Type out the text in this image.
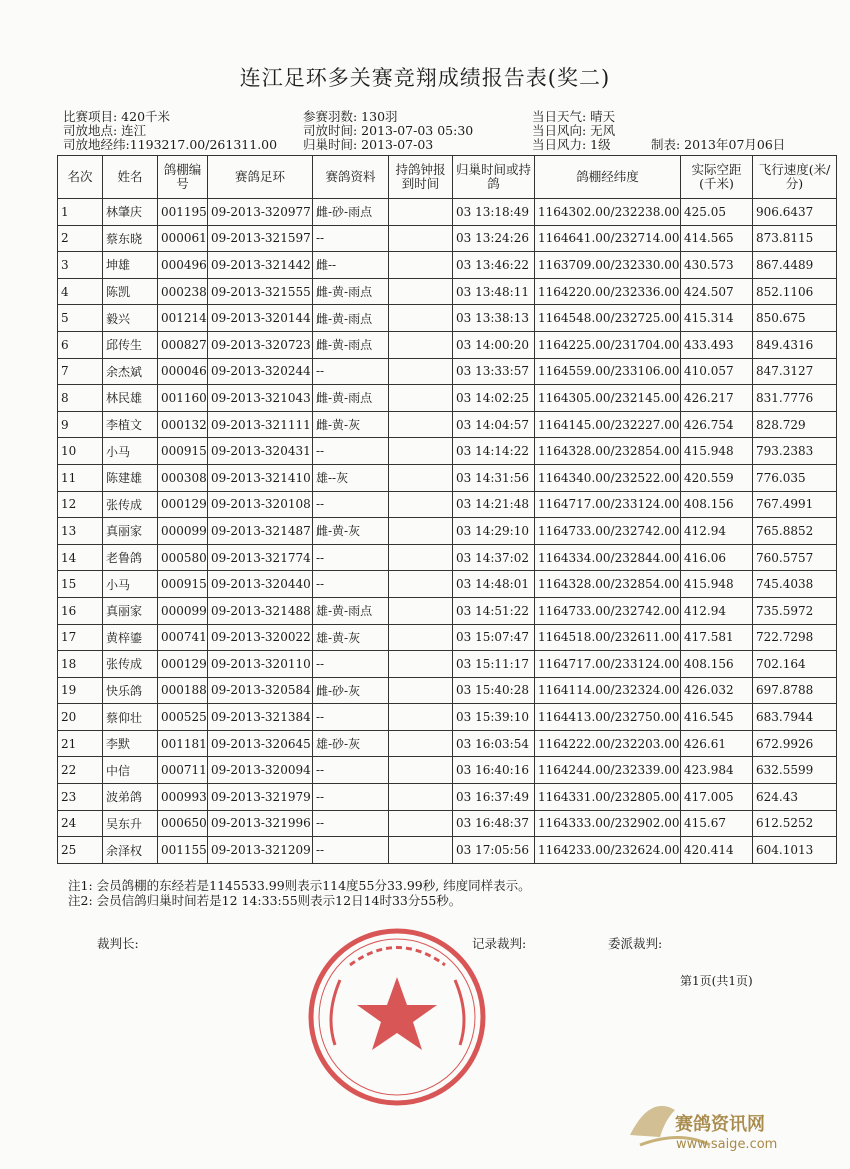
连江足环多关赛竞翔成绩报告表(奖二)
比赛项目: 420千米
司放地点: 连江
司放地经纬:1193217.00/261311.00
参赛羽数: 130羽
司放时间: 2013-07-03 05:30
归巢时间: 2013-07-03
当日天气: 晴天
当日风向: 无风
当日风力: 1级	制表: 2013年07月06日
名次	姓名	鸽棚编号	赛鸽足环	赛鸽资料	持鸽钟报到时间	归巢时间或持鸽	鸽棚经纬度	实际空距(千米)	飞行速度(米/分)
1	林肇庆	001195	09-2013-320977	雌-砂-雨点		03 13:18:49	1164302.00/232238.00	425.05	906.6437
2	蔡东晓	000061	09-2013-321597	--		03 13:24:26	1164641.00/232714.00	414.565	873.8115
3	坤雄	000496	09-2013-321442	雌--		03 13:46:22	1163709.00/232330.00	430.573	867.4489
4	陈凯	000238	09-2013-321555	雌-黄-雨点		03 13:48:11	1164220.00/232336.00	424.507	852.1106
5	毅兴	001214	09-2013-320144	雌-黄-雨点		03 13:38:13	1164548.00/232725.00	415.314	850.675
6	邱传生	000827	09-2013-320723	雌-黄-雨点		03 14:00:20	1164225.00/231704.00	433.493	849.4316
7	余杰斌	000046	09-2013-320244	--		03 13:33:57	1164559.00/233106.00	410.057	847.3127
8	林民雄	001160	09-2013-321043	雌-黄-雨点		03 14:02:25	1164305.00/232145.00	426.217	831.7776
9	李植文	000132	09-2013-321111	雌-黄-灰		03 14:04:57	1164145.00/232227.00	426.754	828.729
10	小马	000915	09-2013-320431	--		03 14:14:22	1164328.00/232854.00	415.948	793.2383
11	陈建雄	000308	09-2013-321410	雄--灰		03 14:31:56	1164340.00/232522.00	420.559	776.035
12	张传成	000129	09-2013-320108	--		03 14:21:48	1164717.00/233124.00	408.156	767.4991
13	真丽家	000099	09-2013-321487	雌-黄-灰		03 14:29:10	1164733.00/232742.00	412.94	765.8852
14	老鲁鸽	000580	09-2013-321774	--		03 14:37:02	1164334.00/232844.00	416.06	760.5757
15	小马	000915	09-2013-320440	--		03 14:48:01	1164328.00/232854.00	415.948	745.4038
16	真丽家	000099	09-2013-321488	雄-黄-雨点		03 14:51:22	1164733.00/232742.00	412.94	735.5972
17	黄梓鎏	000741	09-2013-320022	雄-黄-灰		03 15:07:47	1164518.00/232611.00	417.581	722.7298
18	张传成	000129	09-2013-320110	--		03 15:11:17	1164717.00/233124.00	408.156	702.164
19	快乐鸽	000188	09-2013-320584	雌-砂-灰		03 15:40:28	1164114.00/232324.00	426.032	697.8788
20	蔡仰壮	000525	09-2013-321384	--		03 15:39:10	1164413.00/232750.00	416.545	683.7944
21	李默	001181	09-2013-320645	雄-砂-灰		03 16:03:54	1164222.00/232203.00	426.61	672.9926
22	中信	000711	09-2013-320094	--		03 16:40:16	1164244.00/232339.00	423.984	632.5599
23	波弟鸽	000993	09-2013-321979	--		03 16:37:49	1164331.00/232805.00	417.005	624.43
24	吴东升	000650	09-2013-321996	--		03 16:48:37	1164333.00/232902.00	415.67	612.5252
25	余泽权	001155	09-2013-321209	--		03 17:05:56	1164233.00/232624.00	420.414	604.1013
注1: 会员鸽棚的东经若是1145533.99则表示114度55分33.99秒, 纬度同样表示。
注2: 会员信鸽归巢时间若是12 14:33:55则表示12日14时33分55秒。
裁判长:	记录裁判:	委派裁判:
第1页(共1页)
赛鸽资讯网
www.saige.com
